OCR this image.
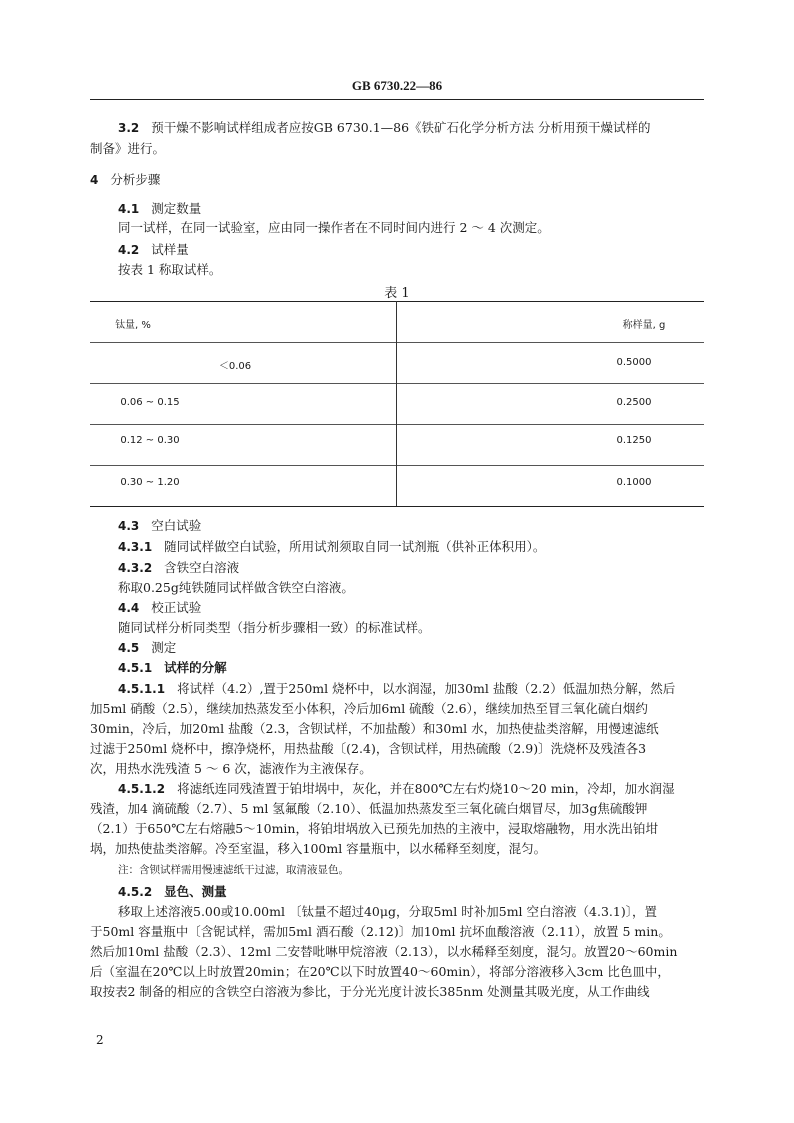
GB 6730.22—86
3.2 预干燥不影响试样组成者应按GB 6730.1—86《铁矿石化学分析方法 分析用预干燥试样的
制备》进行。
4 分析步骤
4.1 测定数量
同一试样，在同一试验室，应由同一操作者在不同时间内进行 2 ～ 4 次测定。
4.2 试样量
按表 1 称取试样。
表 1
钛量, %	称样量, g
＜0.06	0.5000
0.06 ~ 0.15	0.2500
0.12 ~ 0.30	0.1250
0.30 ~ 1.20	0.1000
4.3 空白试验
4.3.1 随同试样做空白试验，所用试剂须取自同一试剂瓶（供补正体积用）。
4.3.2 含铁空白溶液
称取0.25g纯铁随同试样做含铁空白溶液。
4.4 校正试验
随同试样分析同类型（指分析步骤相一致）的标准试样。
4.5 测定
4.5.1 试样的分解
4.5.1.1 将试样（4.2）,置于250ml 烧杯中，以水润湿，加30ml 盐酸（2.2）低温加热分解，然后
加5ml 硝酸（2.5），继续加热蒸发至小体积，冷后加6ml 硫酸（2.6），继续加热至冒三氧化硫白烟约
30min，冷后，加20ml 盐酸（2.3，含钡试样，不加盐酸）和30ml 水，加热使盐类溶解，用慢速滤纸
过滤于250ml 烧杯中，擦净烧杯，用热盐酸〔(2.4)，含钡试样，用热硫酸（2.9)〕洗烧杯及残渣各3
次，用热水洗残渣 5 ～ 6 次，滤液作为主液保存。
4.5.1.2 将滤纸连同残渣置于铂坩埚中，灰化，并在800℃左右灼烧10～20 min，冷却，加水润湿
残渣，加4 滴硫酸（2.7）、5 ml 氢氟酸（2.10）、低温加热蒸发至三氧化硫白烟冒尽，加3g焦硫酸钾
（2.1）于650℃左右熔融5～10min，将铂坩埚放入已预先加热的主液中，浸取熔融物，用水洗出铂坩
埚，加热使盐类溶解。冷至室温，移入100ml 容量瓶中，以水稀释至刻度，混匀。
注：含钡试样需用慢速滤纸干过滤，取清液显色。
4.5.2 显色、测量
移取上述溶液5.00或10.00ml 〔钛量不超过40μg，分取5ml 时补加5ml 空白溶液（4.3.1)〕，置
于50ml 容量瓶中〔含铌试样，需加5ml 酒石酸（2.12)〕加10ml 抗坏血酸溶液（2.11），放置 5 min。
然后加10ml 盐酸（2.3）、12ml 二安替吡啉甲烷溶液（2.13），以水稀释至刻度，混匀。放置20～60min
后（室温在20℃以上时放置20min；在20℃以下时放置40～60min），将部分溶液移入3cm 比色皿中，
取按表2 制备的相应的含铁空白溶液为参比，于分光光度计波长385nm 处测量其吸光度，从工作曲线
2
